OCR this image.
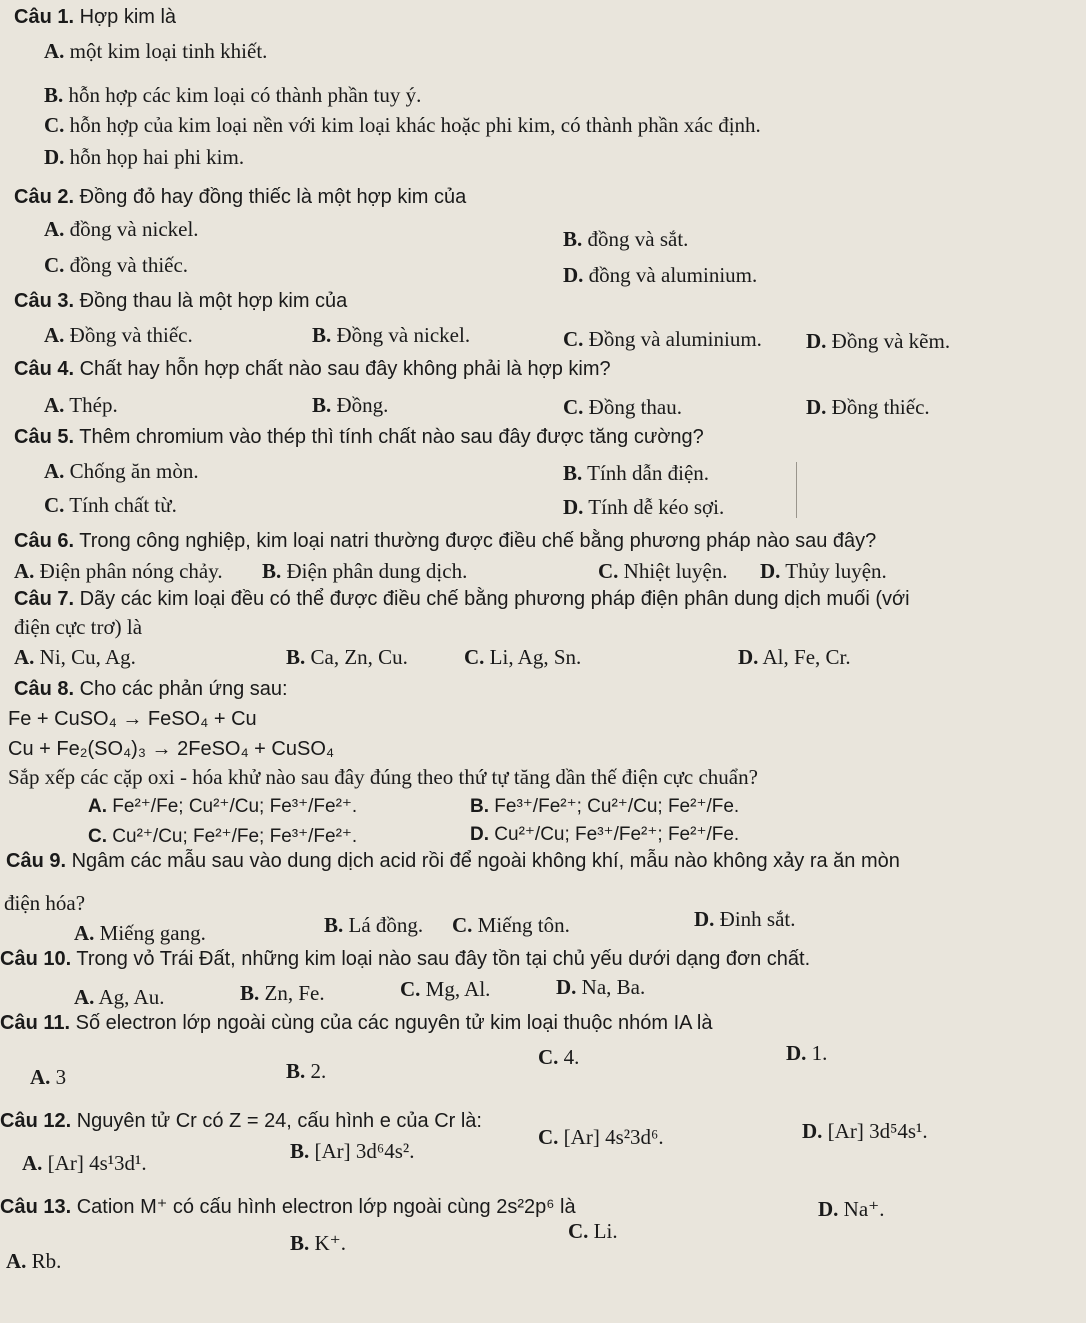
Câu 1. Hợp kim là
A. một kim loại tinh khiết.
B. hỗn hợp các kim loại có thành phần tuy ý.
C. hỗn hợp của kim loại nền với kim loại khác hoặc phi kim, có thành phần xác định.
D. hỗn họp hai phi kim.
Câu 2. Đồng đỏ hay đồng thiếc là một hợp kim của
A. đồng và nickel.	B. đồng và sắt.
C. đồng và thiếc.	D. đồng và aluminium.
Câu 3. Đồng thau là một hợp kim của
A. Đồng và thiếc.	B. Đồng và nickel.	C. Đồng và aluminium. D. Đồng và kẽm.
Câu 4. Chất hay hỗn hợp chất nào sau đây không phải là hợp kim?
A. Thép.	B. Đồng.	C. Đồng thau.	D. Đồng thiếc.
Câu 5. Thêm chromium vào thép thì tính chất nào sau đây được tăng cường?
A. Chống ăn mòn.	B. Tính dẫn điện.
C. Tính chất từ.	D. Tính dễ kéo sợi.
Câu 6. Trong công nghiệp, kim loại natri thường được điều chế bằng phương pháp nào sau đây?
A. Điện phân nóng chảy. B. Điện phân dung dịch.	C. Nhiệt luyện. D. Thủy luyện.
Câu 7. Dãy các kim loại đều có thể được điều chế bằng phương pháp điện phân dung dịch muối (với
điện cực trơ) là
A. Ni, Cu, Ag.	B. Ca, Zn, Cu.	C. Li, Ag, Sn.	D. Al, Fe, Cr.
Câu 8. Cho các phản ứng sau:
Fe + CuSO₄ → FeSO₄ + Cu
Cu + Fe₂(SO₄)₃ → 2FeSO₄ + CuSO₄
Sắp xếp các cặp oxi - hóa khử nào sau đây đúng theo thứ tự tăng dần thế điện cực chuẩn?
A. Fe²⁺/Fe; Cu²⁺/Cu; Fe³⁺/Fe²⁺.	B. Fe³⁺/Fe²⁺; Cu²⁺/Cu; Fe²⁺/Fe.
C. Cu²⁺/Cu; Fe²⁺/Fe; Fe³⁺/Fe²⁺.	D. Cu²⁺/Cu; Fe³⁺/Fe²⁺; Fe²⁺/Fe.
Câu 9. Ngâm các mẫu sau vào dung dịch acid rồi để ngoài không khí, mẫu nào không xảy ra ăn mòn
điện hóa?
A. Miếng gang.	B. Lá đồng. C. Miếng tôn.	D. Đinh sắt.
Câu 10. Trong vỏ Trái Đất, những kim loại nào sau đây tồn tại chủ yếu dưới dạng đơn chất.
A. Ag, Au.	B. Zn, Fe.	C. Mg, Al.	D. Na, Ba.
Câu 11. Số electron lớp ngoài cùng của các nguyên tử kim loại thuộc nhóm IA là
A. 3	B. 2.
C. 4.	D. 1.
Câu 12. Nguyên tử Cr có Z = 24, cấu hình e của Cr là:
A. [Ar] 4s¹3d¹.	B. [Ar] 3d⁶4s².
C. [Ar] 4s²3d⁶.	D. [Ar] 3d⁵4s¹.
Câu 13. Cation M⁺ có cấu hình electron lớp ngoài cùng 2s²2p⁶ là
A. Rb.
B. K⁺.	C. Li.
D. Na⁺.
